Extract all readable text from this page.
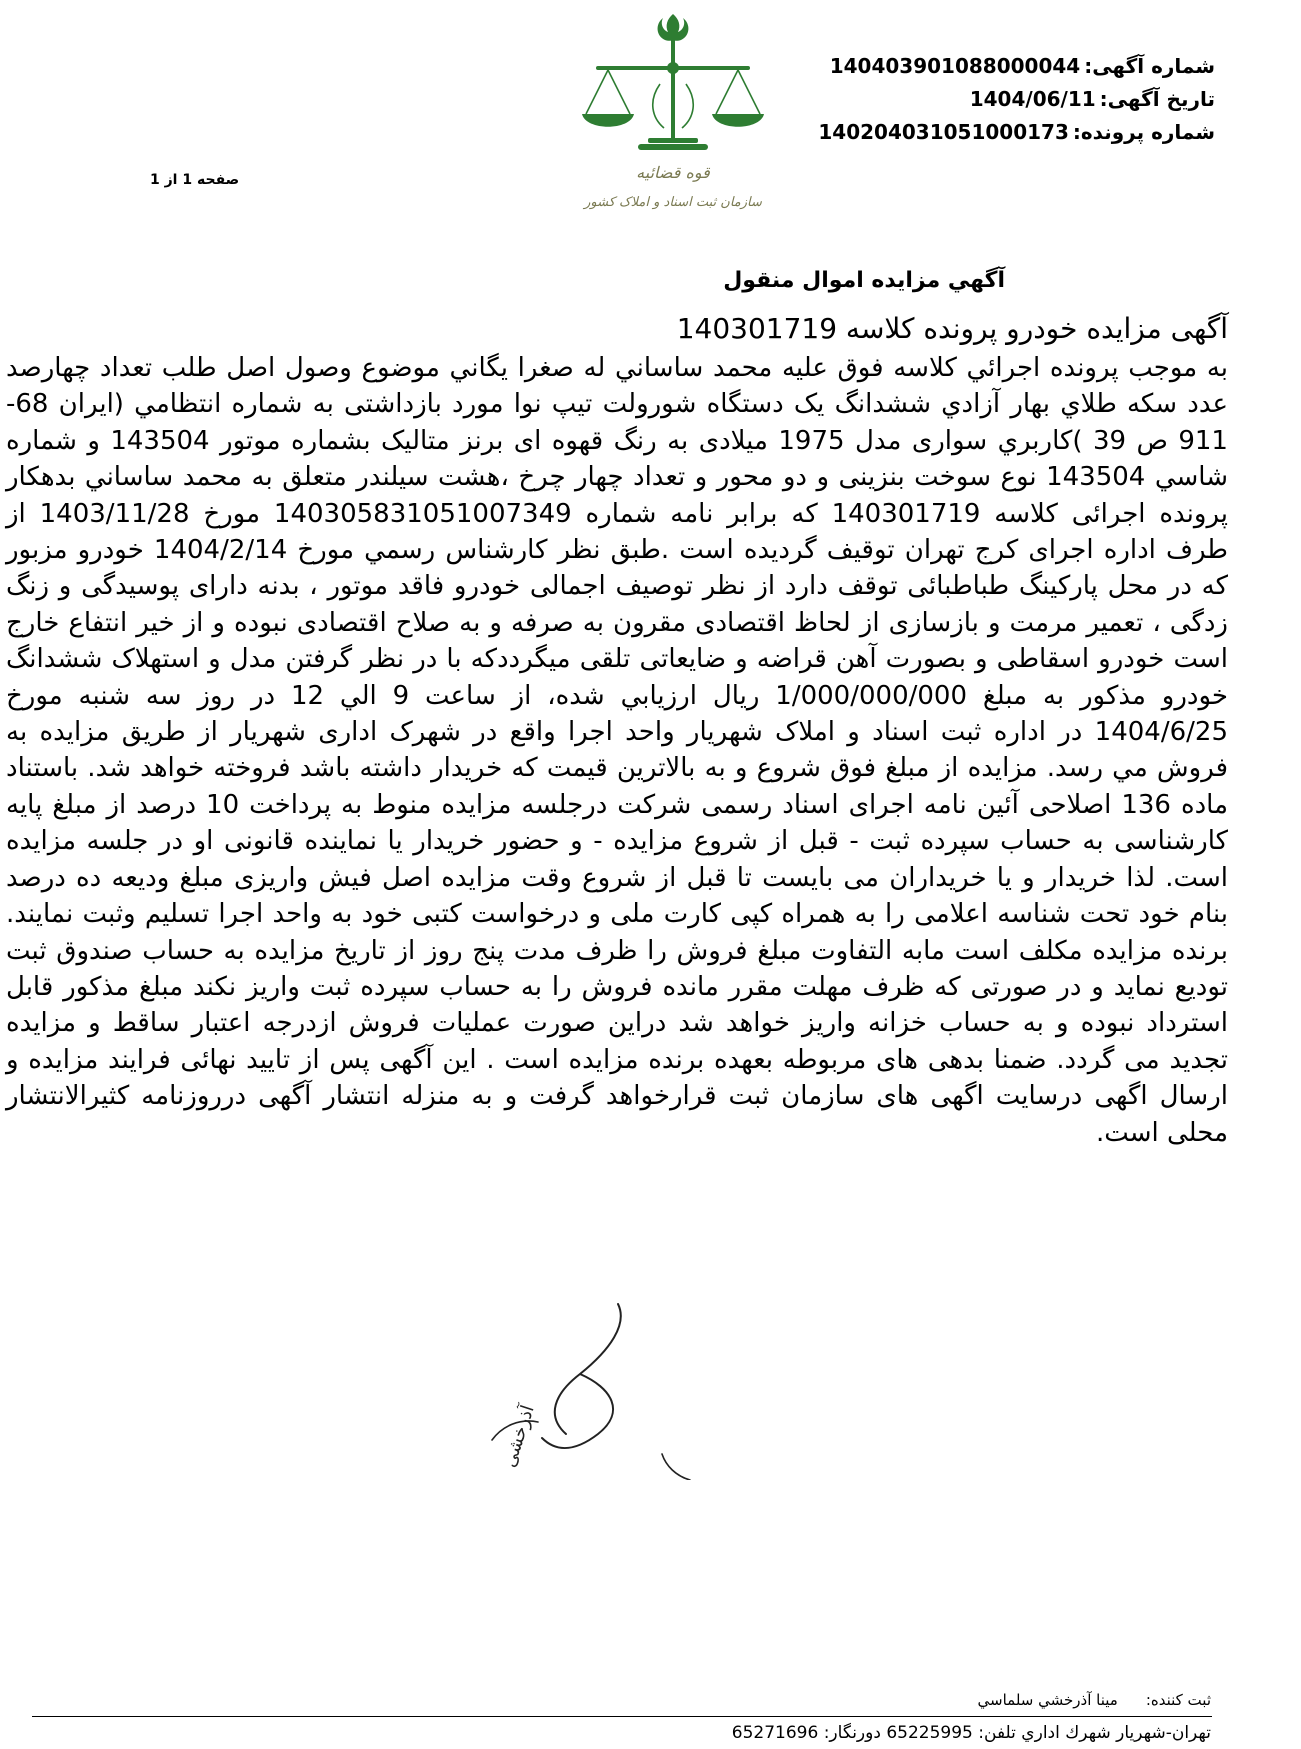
شماره آگهی:140403901088000044
تاریخ آگهی:1404/06/11
شماره پرونده:140204031051000173
صفحه 1 از 1	قوه قضائیه
سازمان ثبت اسناد و املاک کشور
آگهي مزايده اموال منقول
آگهی مزایده خودرو پرونده کلاسه 140301719
به موجب پرونده اجرائي کلاسه فوق عليه محمد ساساني له صغرا يگاني موضوع وصول اصل طلب تعداد چهارصد عدد سکه طلاي بهار آزادي ششدانگ یک دستگاه شورولت تیپ نوا مورد بازداشتی به شماره انتظامي (ايران 68- 911 ص 39 )کاربري سواری مدل 1975 میلادی به رنگ قهوه ای برنز متالیک بشماره موتور 143504 و شماره شاسي 143504 نوع سوخت بنزینی و دو محور و تعداد چهار چرخ ،هشت سیلندر متعلق به محمد ساساني بدهکار پرونده اجرائی کلاسه 140301719 که برابر نامه شماره 140305831051007349 مورخ 1403/11/28 از طرف اداره اجرای کرج تهران توقیف گردیده است .طبق نظر کارشناس رسمي مورخ 1404/2/14 خودرو مزبور که در محل پارکینگ طباطبائی توقف دارد از نظر توصیف اجمالی خودرو فاقد موتور ، بدنه دارای پوسیدگی و زنگ زدگی ، تعمیر مرمت و بازسازی از لحاظ اقتصادی مقرون به صرفه و به صلاح اقتصادی نبوده و از خیر انتفاع خارج است خودرو اسقاطی و بصورت آهن قراضه و ضایعاتی تلقی میگرددکه با در نظر گرفتن مدل و استهلاک ششدانگ خودرو مذکور به مبلغ 1/000/000/000 ریال ارزيابي شده، از ساعت 9 الي 12 در روز سه شنبه مورخ 1404/6/25 در اداره ثبت اسناد و املاک شهریار واحد اجرا واقع در شهرک اداری شهریار از طريق مزايده به فروش مي رسد. مزايده از مبلغ فوق شروع و به بالاترين قيمت که خريدار داشته باشد فروخته خواهد شد. باستناد ماده 136 اصلاحی آئین نامه اجرای اسناد رسمی شرکت درجلسه مزایده منوط به پرداخت 10 درصد از مبلغ پایه کارشناسی به حساب سپرده ثبت - قبل از شروع مزایده - و حضور خریدار یا نماینده قانونی او در جلسه مزایده است. لذا خریدار و یا خریداران می بایست تا قبل از شروع وقت مزایده اصل فیش واریزی مبلغ ودیعه ده درصد بنام خود تحت شناسه اعلامی را به همراه کپی کارت ملی و درخواست کتبی خود به واحد اجرا تسلیم وثبت نمایند. برنده مزایده مکلف است مابه التفاوت مبلغ فروش را ظرف مدت پنج روز از تاریخ مزایده به حساب صندوق ثبت تودیع نماید و در صورتی که ظرف مهلت مقرر مانده فروش را به حساب سپرده ثبت واریز نکند مبلغ مذکور قابل استرداد نبوده و به حساب خزانه واریز خواهد شد دراین صورت عملیات فروش ازدرجه اعتبار ساقط و مزایده تجدید می گردد. ضمنا بدهی های مربوطه بعهده برنده مزایده است . این آگهی پس از تایید نهائی فرایند مزایده و ارسال اگهی درسایت اگهی های سازمان ثبت قرارخواهد گرفت و به منزله انتشار آگهی درروزنامه کثیرالانتشار محلی است.
آذرخشی
ثبت کننده:مینا آذرخشي سلماسي
تهران-شهريار شهرك اداري تلفن: 65225995 دورنگار: 65271696
